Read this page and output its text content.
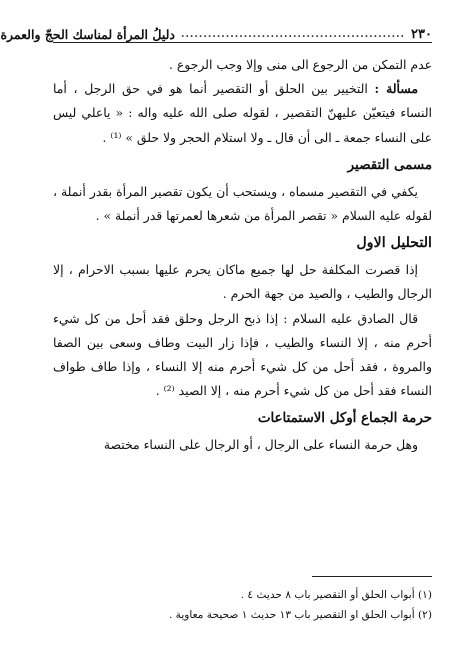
٢٣٠
..................................................
دليلُ المرأة لمناسك الحجّ والعمرة

عدم التمكن من الرجوع الى منى وإلا وجب الرجوع .

مسألة : التخيير بين الحلق أو التقصير أنما هو في حق الرجل ، أما النساء فيتعيّن عليهنّ التقصير ، لقوله صلى الله عليه واله : « ياعلي ليس على النساء جمعة ـ الى أن قال ـ ولا استلام الحجر ولا حلق » ⁽¹⁾ .

مسمى التقصير

يكفي في التقصير مسماه ، ويستحب أن يكون تقصير المرأة بقدر أنملة ، لقوله عليه السلام « تقصر المرأة من شعرها لعمرتها قدر أنملة » .

التحليل الاول

إذا قصرت المكلفة حل لها جميع ماكان يحرم عليها بسبب الاحرام ، إلا الرجال والطيب ، والصيد من جهة الحرم .

قال الصادق عليه السلام : إذا ذبح الرجل وحلق فقد أحل من كل شيء أحرم منه ، إلا النساء والطيب ، فإذا زار البيت وطاف وسعى بين الصفا والمروة ، فقد أحل من كل شيء أحرم منه إلا النساء ، وإذا طاف طواف النساء فقد أحل من كل شيء أحرم منه ، إلا الصيد ⁽²⁾ .

حرمة الجماع أوكل الاستمتاعات

وهل حرمة النساء على الرجال ، أو الرجال على النساء مختصة

(١) أبواب الحلق أو التقصير باب ٨ حديث ٤ .

(٢) أبواب الحلق او التقصير باب ١٣ حديث ١ صحيحة معاوية .
